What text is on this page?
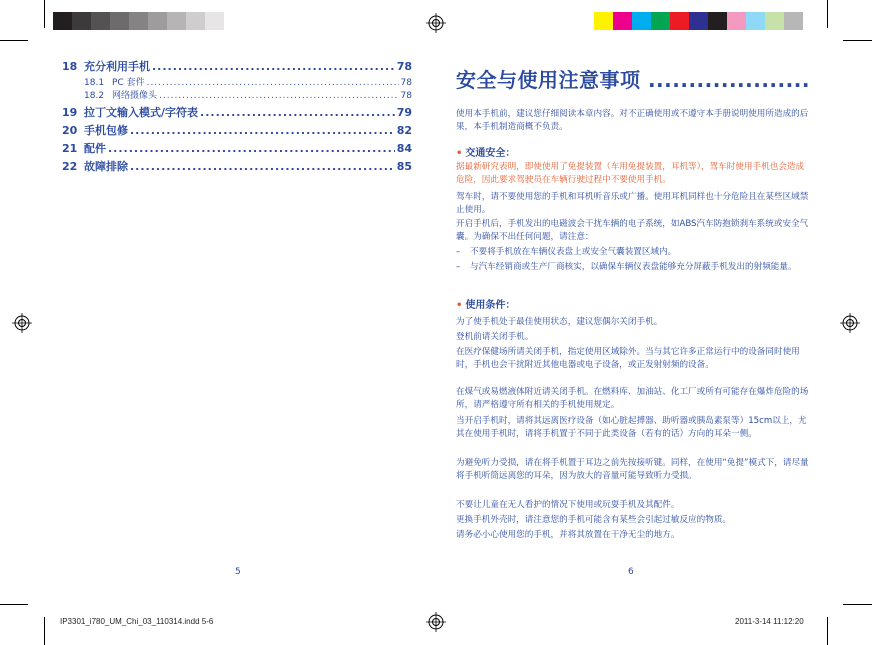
18 充分利用手机 .....	78
18.1 PC 套件 .....	78
18.2 网络摄像头 .....	78
19 拉丁文输入模式/字符表 .....	79
20 手机包修 .....	82
21 配件 .....	84
22 故障排除 .....	85
安全与使用注意事项 ....................
使用本手机前，建议您仔细阅读本章内容。对不正确使用或不遵守本手册说明使用所造成的后果，本手机制造商概不负责。
• 交通安全：
据最新研究表明，即使使用了免提装置（车用免提装置，耳机等），驾车时使用手机也会造成危险，因此要求驾驶员在车辆行驶过程中不要使用手机。
驾车时，请不要使用您的手机和耳机听音乐或广播。使用耳机同样也十分危险且在某些区域禁止使用。
开启手机后，手机发出的电磁波会干扰车辆的电子系统，如ABS汽车防抱锁刹车系统或安全气囊。为确保不出任何问题，请注意：
– 不要将手机放在车辆仪表盘上或安全气囊装置区域内。
– 与汽车经销商或生产厂商核实，以确保车辆仪表盘能够充分屏蔽手机发出的射频能量。
• 使用条件：
为了使手机处于最佳使用状态，建议您偶尔关闭手机。
登机前请关闭手机。
在医疗保健场所请关闭手机，指定使用区域除外。当与其它许多正常运行中的设备同时使用时，手机也会干扰附近其他电器或电子设备，或正发射射频的设备。
在煤气或易燃液体附近请关闭手机。在燃料库、加油站、化工厂或所有可能存在爆炸危险的场所，请严格遵守所有相关的手机使用规定。
当开启手机时，请将其远离医疗设备（如心脏起搏器、助听器或胰岛素泵等）15cm以上，尤其在使用手机时，请将手机置于不同于此类设备（若有的话）方向的耳朵一侧。
为避免听力受损，请在将手机置于耳边之前先按接听键。同样，在使用“免提”模式下，请尽量将手机听筒远离您的耳朵，因为放大的音量可能导致听力受损。
不要让儿童在无人看护的情况下使用或玩耍手机及其配件。
更换手机外壳时，请注意您的手机可能含有某些会引起过敏反应的物质。
请务必小心使用您的手机，并将其放置在干净无尘的地方。
5	6
IP3301_i780_UM_Chi_03_110314.indd 5-6	2011-3-14 11:12:20
